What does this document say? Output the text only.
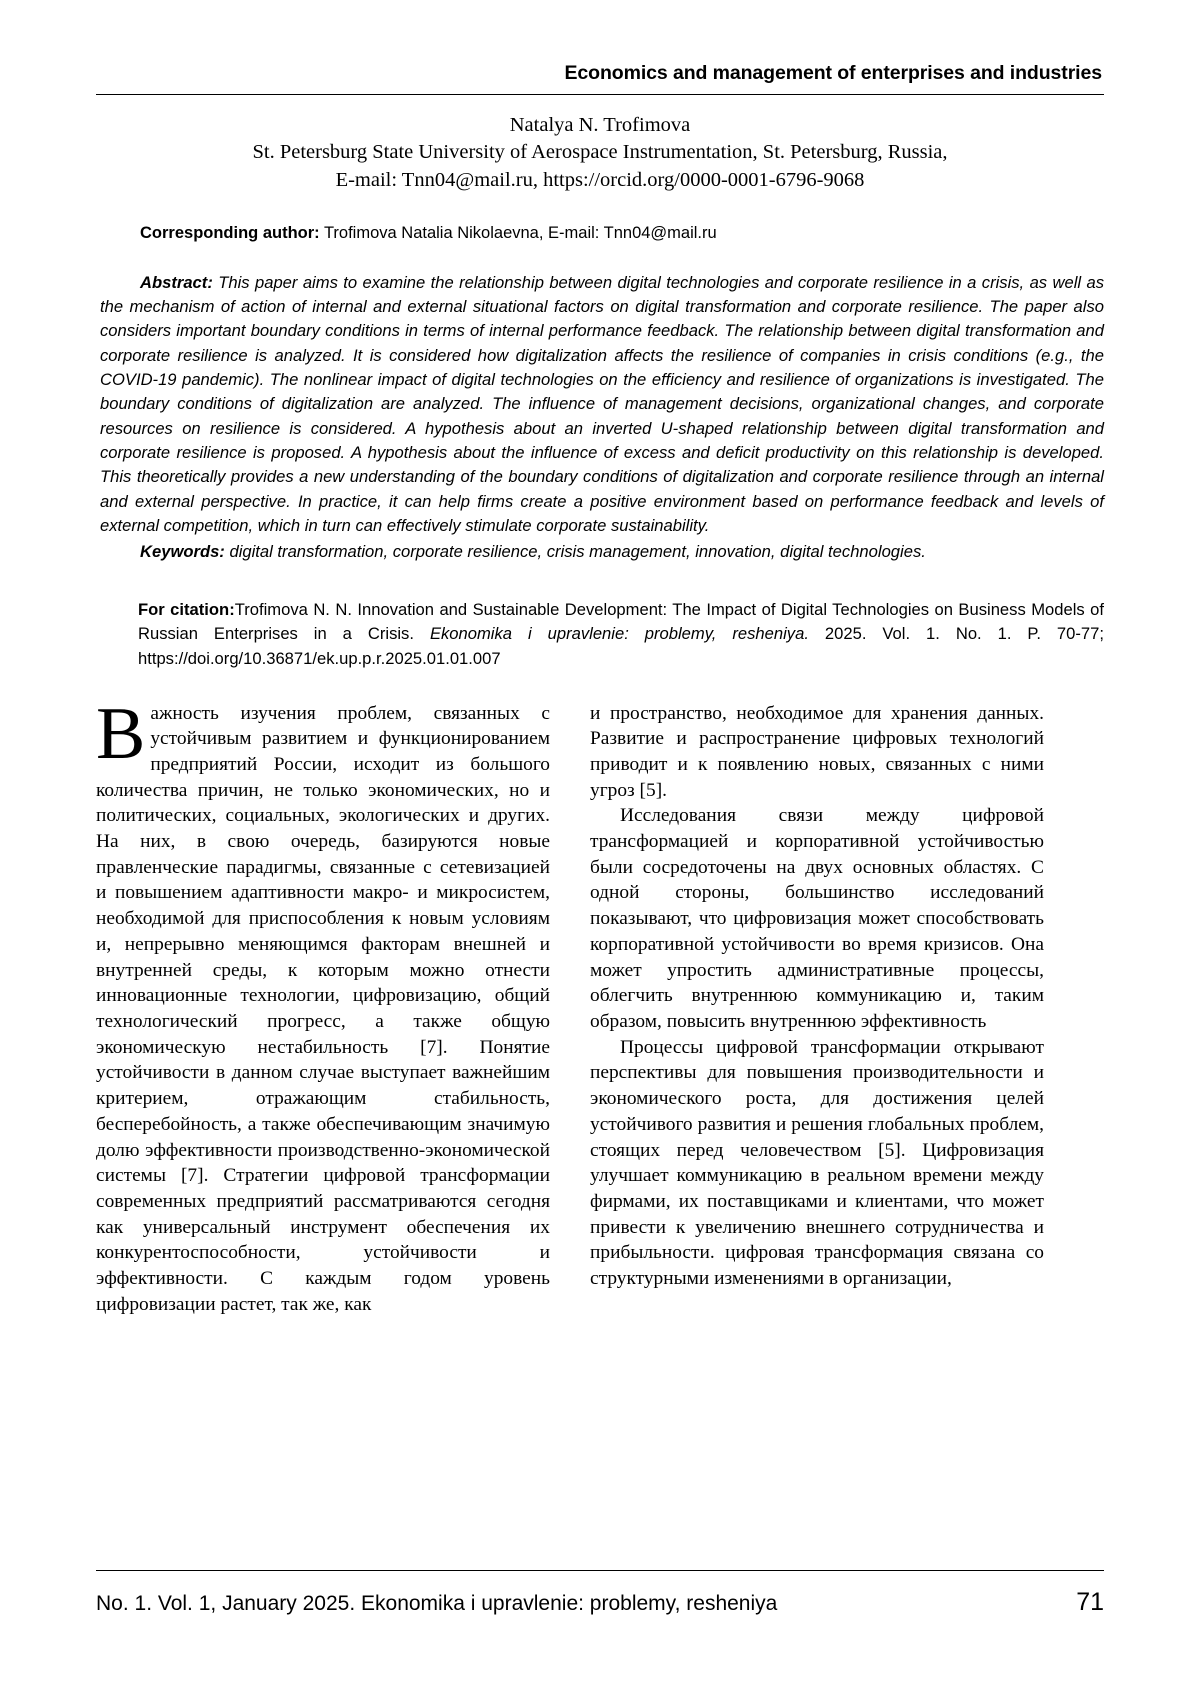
Economics and management of enterprises and industries
Natalya N. Trofimova
St. Petersburg State University of Aerospace Instrumentation, St. Petersburg, Russia,
E-mail: Tnn04@mail.ru, https://orcid.org/0000-0001-6796-9068
Corresponding author: Trofimova Natalia Nikolaevna, E-mail: Tnn04@mail.ru
Abstract: This paper aims to examine the relationship between digital technologies and corporate resilience in a crisis, as well as the mechanism of action of internal and external situational factors on digital transformation and corporate resilience. The paper also considers important boundary conditions in terms of internal performance feedback. The relationship between digital transformation and corporate resilience is analyzed. It is considered how digitalization affects the resilience of companies in crisis conditions (e.g., the COVID-19 pandemic). The nonlinear impact of digital technologies on the efficiency and resilience of organizations is investigated. The boundary conditions of digitalization are analyzed. The influence of management decisions, organizational changes, and corporate resources on resilience is considered. A hypothesis about an inverted U-shaped relationship between digital transformation and corporate resilience is proposed. A hypothesis about the influence of excess and deficit productivity on this relationship is developed. This theoretically provides a new understanding of the boundary conditions of digitalization and corporate resilience through an internal and external perspective. In practice, it can help firms create a positive environment based on performance feedback and levels of external competition, which in turn can effectively stimulate corporate sustainability.
Keywords: digital transformation, corporate resilience, crisis management, innovation, digital technologies.
For citation:Trofimova N. N. Innovation and Sustainable Development: The Impact of Digital Technologies on Business Models of Russian Enterprises in a Crisis. Ekonomika i upravlenie: problemy, resheniya. 2025. Vol. 1. No. 1. P. 70-77; https://doi.org/10.36871/ek.up.p.r.2025.01.01.007

Важность изучения проблем, связанных с устойчивым развитием и функционированием предприятий России, исходит из большого количества причин, не только экономических, но и политических, социальных, экологических и других. На них, в свою очередь, базируются новые правленческие парадигмы, связанные с сетевизацией и повышением адаптивности макро- и микросистем, необходимой для приспособления к новым условиям и, непрерывно меняющимся факторам внешней и внутренней среды, к которым можно отнести инновационные технологии, цифровизацию, общий технологический прогресс, а также общую экономическую нестабильность [7]. Понятие устойчивости в данном случае выступает важнейшим критерием, отражающим стабильность, бесперебойность, а также обеспечивающим значимую долю эффективности производственно-экономической системы [7]. Стратегии цифровой трансформации современных предприятий рассматриваются сегодня как универсальный инструмент обеспечения их конкурентоспособности, устойчивости и эффективности. С каждым годом уровень цифровизации растет, так же, как

и пространство, необходимое для хранения данных. Развитие и распространение цифровых технологий приводит и к появлению новых, связанных с ними угроз [5].

Исследования связи между цифровой трансформацией и корпоративной устойчивостью были сосредоточены на двух основных областях. С одной стороны, большинство исследований показывают, что цифровизация может способствовать корпоративной устойчивости во время кризисов. Она может упростить административные процессы, облегчить внутреннюю коммуникацию и, таким образом, повысить внутреннюю эффективность

Процессы цифровой трансформации открывают перспективы для повышения производительности и экономического роста, для достижения целей устойчивого развития и решения глобальных проблем, стоящих перед человечеством [5]. Цифровизация улучшает коммуникацию в реальном времени между фирмами, их поставщиками и клиентами, что может привести к увеличению внешнего сотрудничества и прибыльности. цифровая трансформация связана со структурными изменениями в организации,

No. 1. Vol. 1, January 2025. Ekonomika i upravlenie: problemy, resheniya	71
